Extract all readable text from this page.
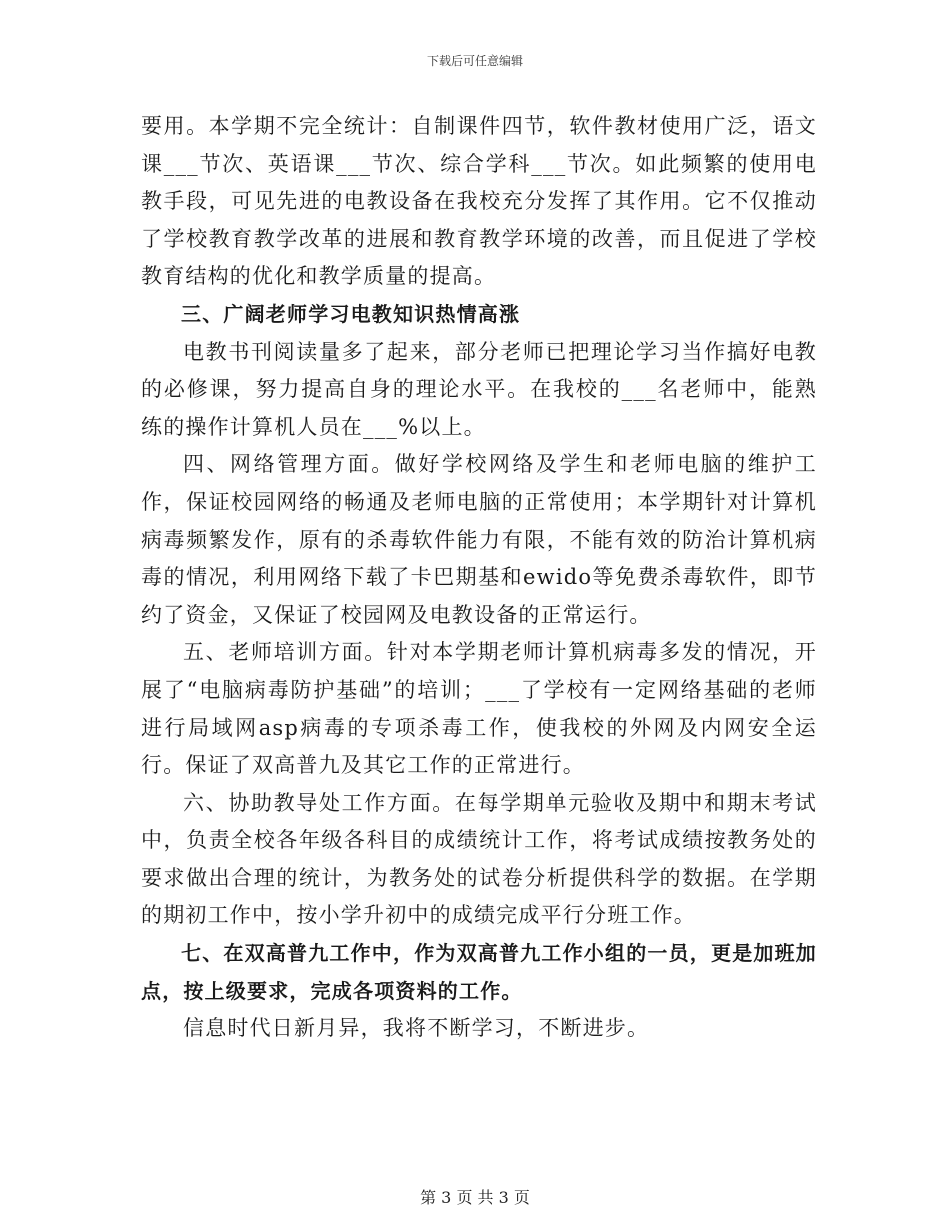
下载后可任意编辑

要用。本学期不完全统计：自制课件四节，软件教材使用广泛，语文课___节次、英语课___节次、综合学科___节次。如此频繁的使用电教手段，可见先进的电教设备在我校充分发挥了其作用。它不仅推动了学校教育教学改革的进展和教育教学环境的改善，而且促进了学校教育结构的优化和教学质量的提高。

三、广阔老师学习电教知识热情高涨

电教书刊阅读量多了起来，部分老师已把理论学习当作搞好电教的必修课，努力提高自身的理论水平。在我校的___名老师中，能熟练的操作计算机人员在___%以上。

四、网络管理方面。做好学校网络及学生和老师电脑的维护工作，保证校园网络的畅通及老师电脑的正常使用；本学期针对计算机病毒频繁发作，原有的杀毒软件能力有限，不能有效的防治计算机病毒的情况，利用网络下载了卡巴期基和ewido等免费杀毒软件，即节约了资金，又保证了校园网及电教设备的正常运行。

五、老师培训方面。针对本学期老师计算机病毒多发的情况，开展了“电脑病毒防护基础”的培训；___了学校有一定网络基础的老师进行局域网asp病毒的专项杀毒工作，使我校的外网及内网安全运行。保证了双高普九及其它工作的正常进行。

六、协助教导处工作方面。在每学期单元验收及期中和期末考试中，负责全校各年级各科目的成绩统计工作，将考试成绩按教务处的要求做出合理的统计，为教务处的试卷分析提供科学的数据。在学期的期初工作中，按小学升初中的成绩完成平行分班工作。

七、在双高普九工作中，作为双高普九工作小组的一员，更是加班加点，按上级要求，完成各项资料的工作。

信息时代日新月异，我将不断学习，不断进步。

第 3 页 共 3 页
